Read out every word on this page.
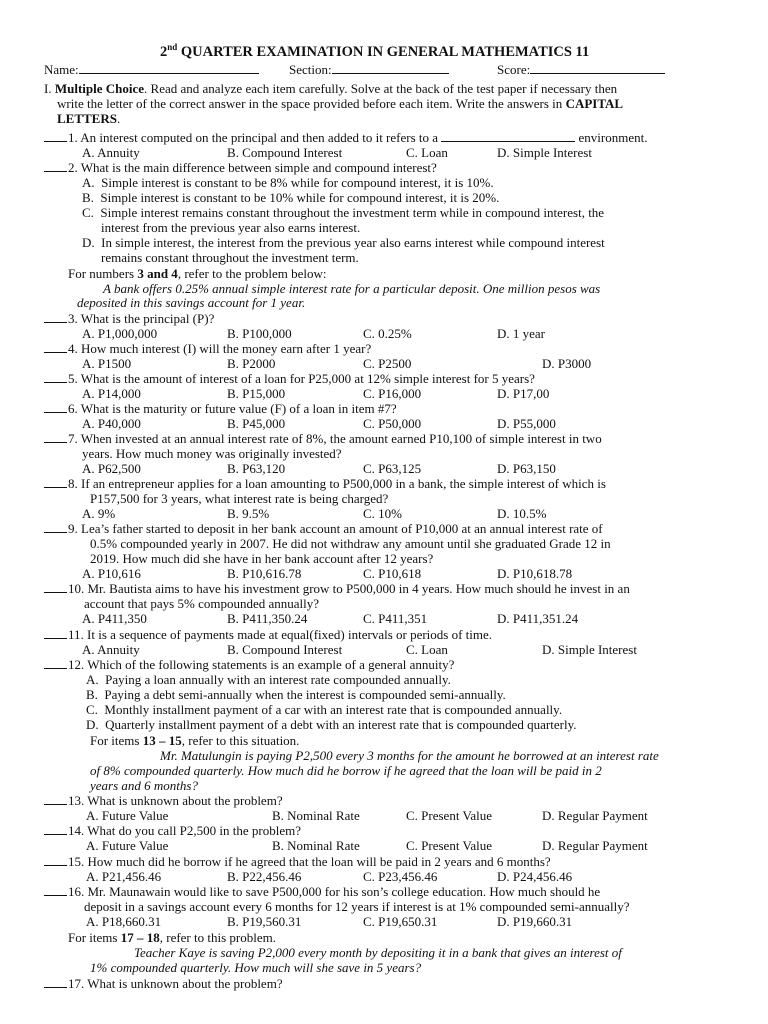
2nd QUARTER EXAMINATION IN GENERAL MATHEMATICS 11
Name:	Section:	Score:
I. Multiple Choice. Read and analyze each item carefully. Solve at the back of the test paper if necessary then
write the letter of the correct answer in the space provided before each item. Write the answers in CAPITAL
LETTERS.
1. An interest computed on the principal and then added to it refers to a	environment.
A. Annuity	B. Compound Interest	C. Loan	D. Simple Interest
2. What is the main difference between simple and compound interest?
A.  Simple interest is constant to be 8% while for compound interest, it is 10%.
B.  Simple interest is constant to be 10% while for compound interest, it is 20%.
C.  Simple interest remains constant throughout the investment term while in compound interest, the
interest from the previous year also earns interest.
D.  In simple interest, the interest from the previous year also earns interest while compound interest
remains constant throughout the investment term.
For numbers 3 and 4, refer to the problem below:
A bank offers 0.25% annual simple interest rate for a particular deposit. One million pesos was
deposited in this savings account for 1 year.
3. What is the principal (P)?
A. P1,000,000	B. P100,000	C. 0.25%	D. 1 year
4. How much interest (I) will the money earn after 1 year?
A. P1500	B. P2000	C. P2500	D. P3000
5. What is the amount of interest of a loan for P25,000 at 12% simple interest for 5 years?
A. P14,000	B. P15,000	C. P16,000	D. P17,00
6. What is the maturity or future value (F) of a loan in item #7?
A. P40,000	B. P45,000	C. P50,000	D. P55,000
7. When invested at an annual interest rate of 8%, the amount earned P10,100 of simple interest in two
years. How much money was originally invested?
A. P62,500	B. P63,120	C. P63,125	D. P63,150
8. If an entrepreneur applies for a loan amounting to P500,000 in a bank, the simple interest of which is
P157,500 for 3 years, what interest rate is being charged?
A. 9%	B. 9.5%	C. 10%	D. 10.5%
9. Lea’s father started to deposit in her bank account an amount of P10,000 at an annual interest rate of
0.5% compounded yearly in 2007. He did not withdraw any amount until she graduated Grade 12 in
2019. How much did she have in her bank account after 12 years?
A. P10,616	B. P10,616.78	C. P10,618	D. P10,618.78
10. Mr. Bautista aims to have his investment grow to P500,000 in 4 years. How much should he invest in an
account that pays 5% compounded annually?
A. P411,350	B. P411,350.24	C. P411,351	D. P411,351.24
11. It is a sequence of payments made at equal(fixed) intervals or periods of time.
A. Annuity	B. Compound Interest	C. Loan	D. Simple Interest
12. Which of the following statements is an example of a general annuity?
A.  Paying a loan annually with an interest rate compounded annually.
B.  Paying a debt semi-annually when the interest is compounded semi-annually.
C.  Monthly installment payment of a car with an interest rate that is compounded annually.
D.  Quarterly installment payment of a debt with an interest rate that is compounded quarterly.
For items 13 – 15, refer to this situation.
Mr. Matulungin is paying P2,500 every 3 months for the amount he borrowed at an interest rate
of 8% compounded quarterly. How much did he borrow if he agreed that the loan will be paid in 2
years and 6 months?
13. What is unknown about the problem?
A. Future Value	B. Nominal Rate	C. Present Value	D. Regular Payment
14. What do you call P2,500 in the problem?
A. Future Value	B. Nominal Rate	C. Present Value	D. Regular Payment
15. How much did he borrow if he agreed that the loan will be paid in 2 years and 6 months?
A. P21,456.46	B. P22,456.46	C. P23,456.46	D. P24,456.46
16. Mr. Maunawain would like to save P500,000 for his son’s college education. How much should he
deposit in a savings account every 6 months for 12 years if interest is at 1% compounded semi-annually?
A. P18,660.31	B. P19,560.31	C. P19,650.31	D. P19,660.31
For items 17 – 18, refer to this problem.
Teacher Kaye is saving P2,000 every month by depositing it in a bank that gives an interest of
1% compounded quarterly. How much will she save in 5 years?
17. What is unknown about the problem?
